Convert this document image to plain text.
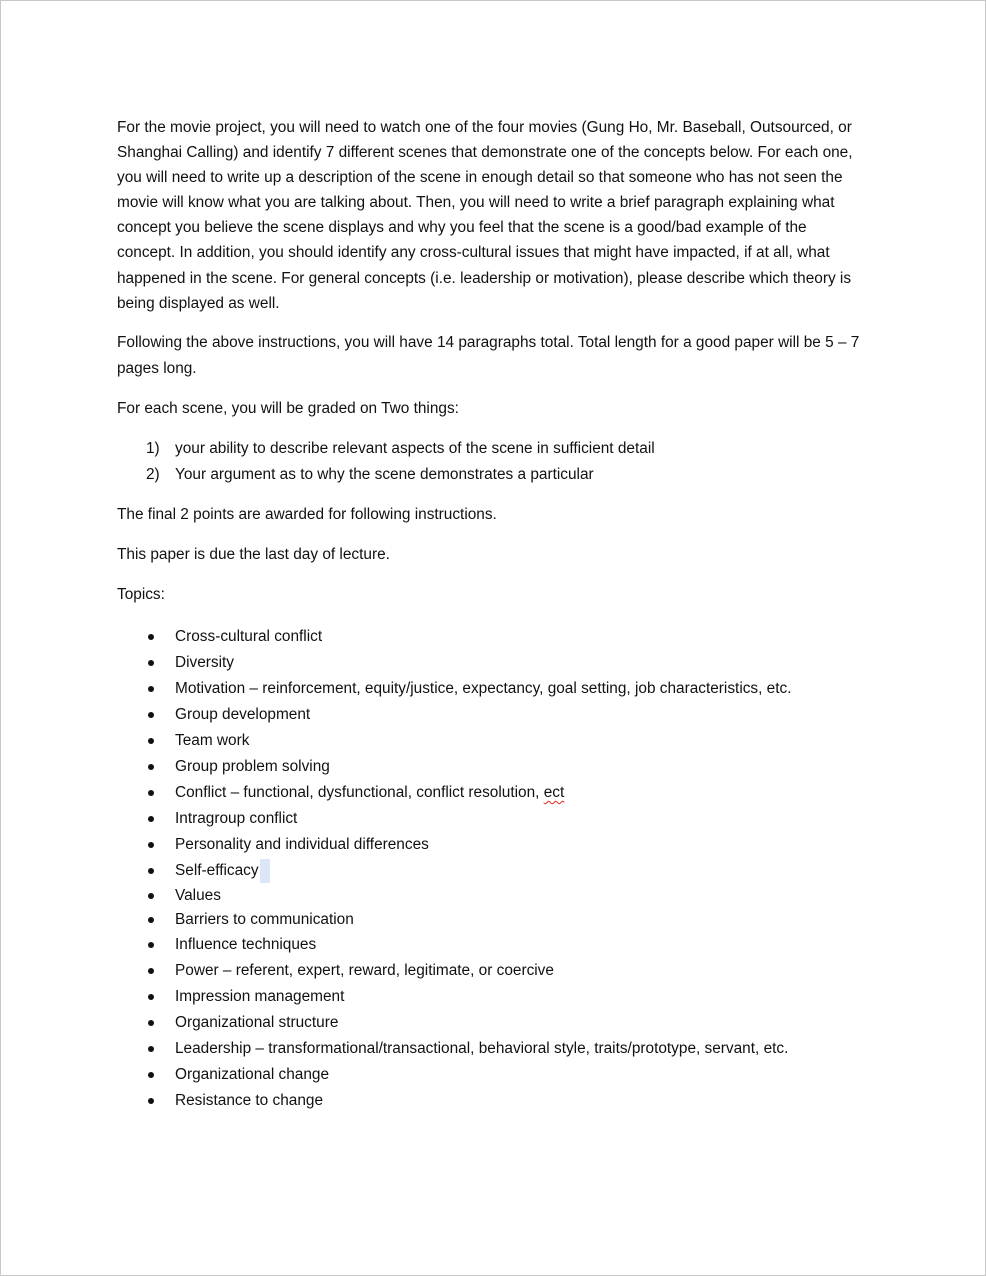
For the movie project, you will need to watch one of the four movies (Gung Ho, Mr. Baseball, Outsourced, or Shanghai Calling) and identify 7 different scenes that demonstrate one of the concepts below. For each one, you will need to write up a description of the scene in enough detail so that someone who has not seen the movie will know what you are talking about. Then, you will need to write a brief paragraph explaining what concept you believe the scene displays and why you feel that the scene is a good/bad example of the concept. In addition, you should identify any cross-cultural issues that might have impacted, if at all, what happened in the scene. For general concepts (i.e. leadership or motivation), please describe which theory is being displayed as well.

Following the above instructions, you will have 14 paragraphs total. Total length for a good paper will be 5 – 7 pages long.

For each scene, you will be graded on Two things:

1) your ability to describe relevant aspects of the scene in sufficient detail
2) Your argument as to why the scene demonstrates a particular

The final 2 points are awarded for following instructions.

This paper is due the last day of lecture.

Topics:

Cross-cultural conflict
Diversity
Motivation – reinforcement, equity/justice, expectancy, goal setting, job characteristics, etc.
Group development
Team work
Group problem solving
Conflict – functional, dysfunctional, conflict resolution, ect
Intragroup conflict
Personality and individual differences
Self-efficacy
Values
Barriers to communication
Influence techniques
Power – referent, expert, reward, legitimate, or coercive
Impression management
Organizational structure
Leadership – transformational/transactional, behavioral style, traits/prototype, servant, etc.
Organizational change
Resistance to change
